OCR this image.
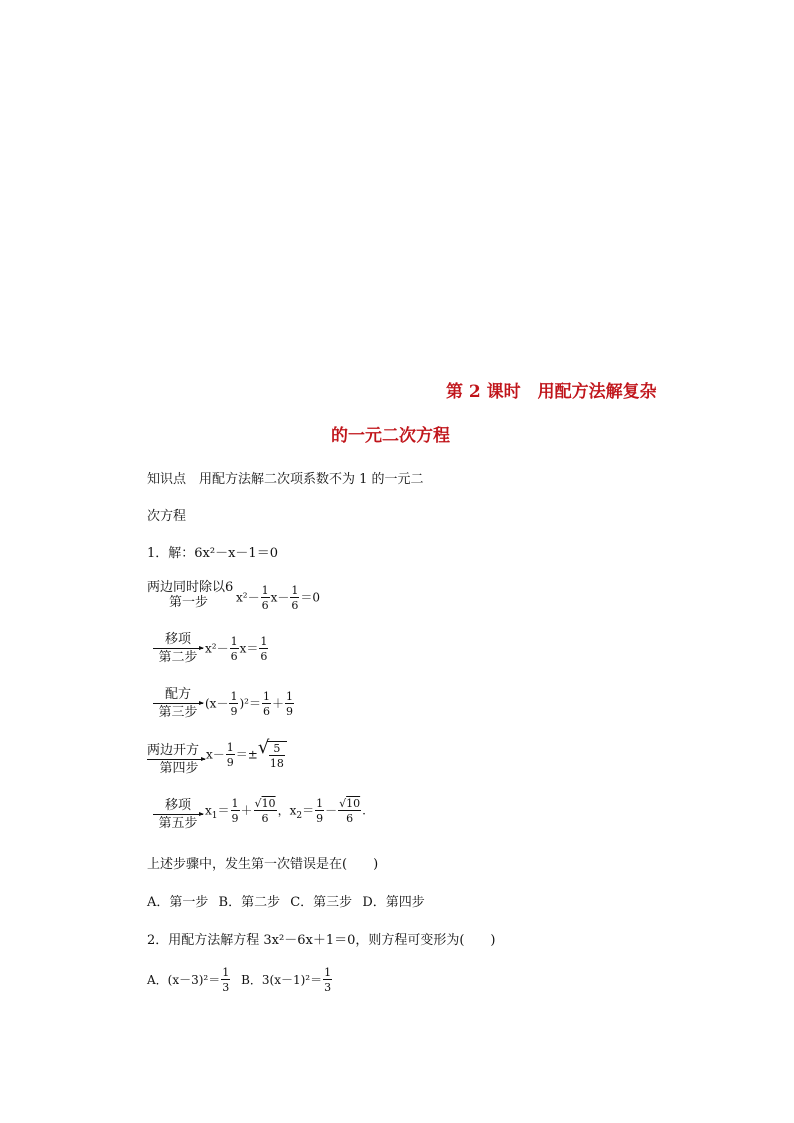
第 2 课时　用配方法解复杂
的一元二次方程
知识点　用配方法解二次项系数不为 1 的一元二
次方程
1．解：6x²－x－1＝0
两边同时除以6
第一步 $x^2- \frac{1}{6} x- \frac{1}{6} =0$
移项
第二步
$x^2- \frac{1}{6} x= \frac{1}{6}$
配方
第三步
$(x- \frac{1}{9} )^2= \frac{1}{6} + \frac{1}{9}$
两边开方
第四步
$x- \frac{1}{9}$ ＝± √ $\frac{5}{18}$
移项
第五步
$x_1= \frac{1}{9} + \frac{√10}{6}$ ，$x_2= \frac{1}{9} - \frac{√10}{6}$ .
上述步骤中，发生第一次错误是在(　　)
A．第一步 B．第二步 C．第三步 D．第四步
2．用配方法解方程 3x²－6x＋1＝0，则方程可变形为(　　)
A．$(x-3)^2= \frac{1}{3}$ B．$3(x-1)^2= \frac{1}{3}$
